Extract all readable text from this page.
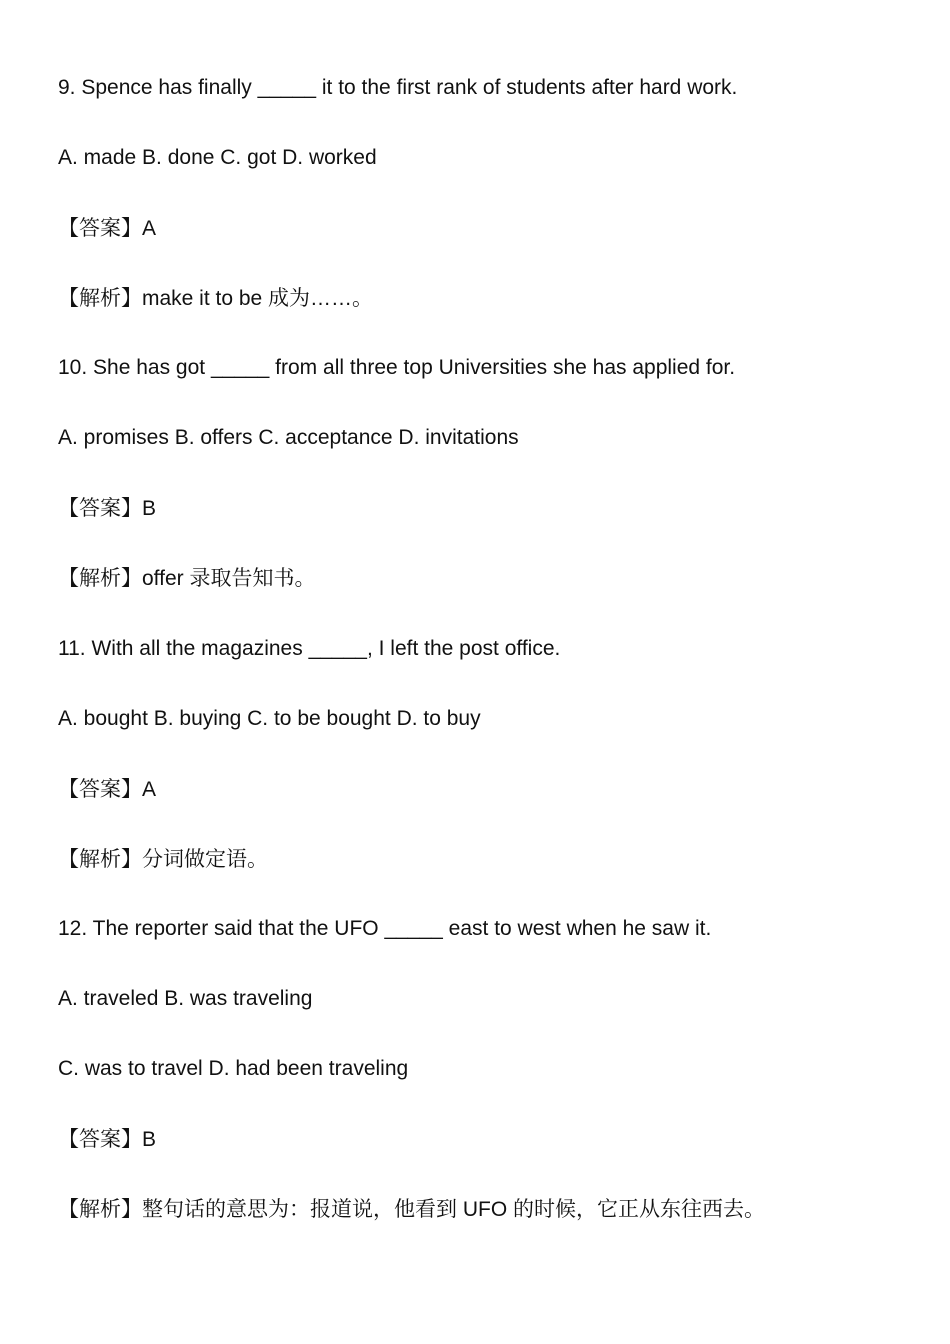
9. Spence has finally _____ it to the first rank of students after hard work.
A. made B. done C. got D. worked
【答案】A
【解析】make it to be 成为……。
10. She has got _____ from all three top Universities she has applied for.
A. promises B. offers C. acceptance D. invitations
【答案】B
【解析】offer 录取告知书。
11. With all the magazines _____, I left the post office.
A. bought B. buying C. to be bought D. to buy
【答案】A
【解析】分词做定语。
12. The reporter said that the UFO _____ east to west when he saw it.
A. traveled B. was traveling
C. was to travel D. had been traveling
【答案】B
【解析】整句话的意思为：报道说，他看到 UFO 的时候，它正从东往西去。
